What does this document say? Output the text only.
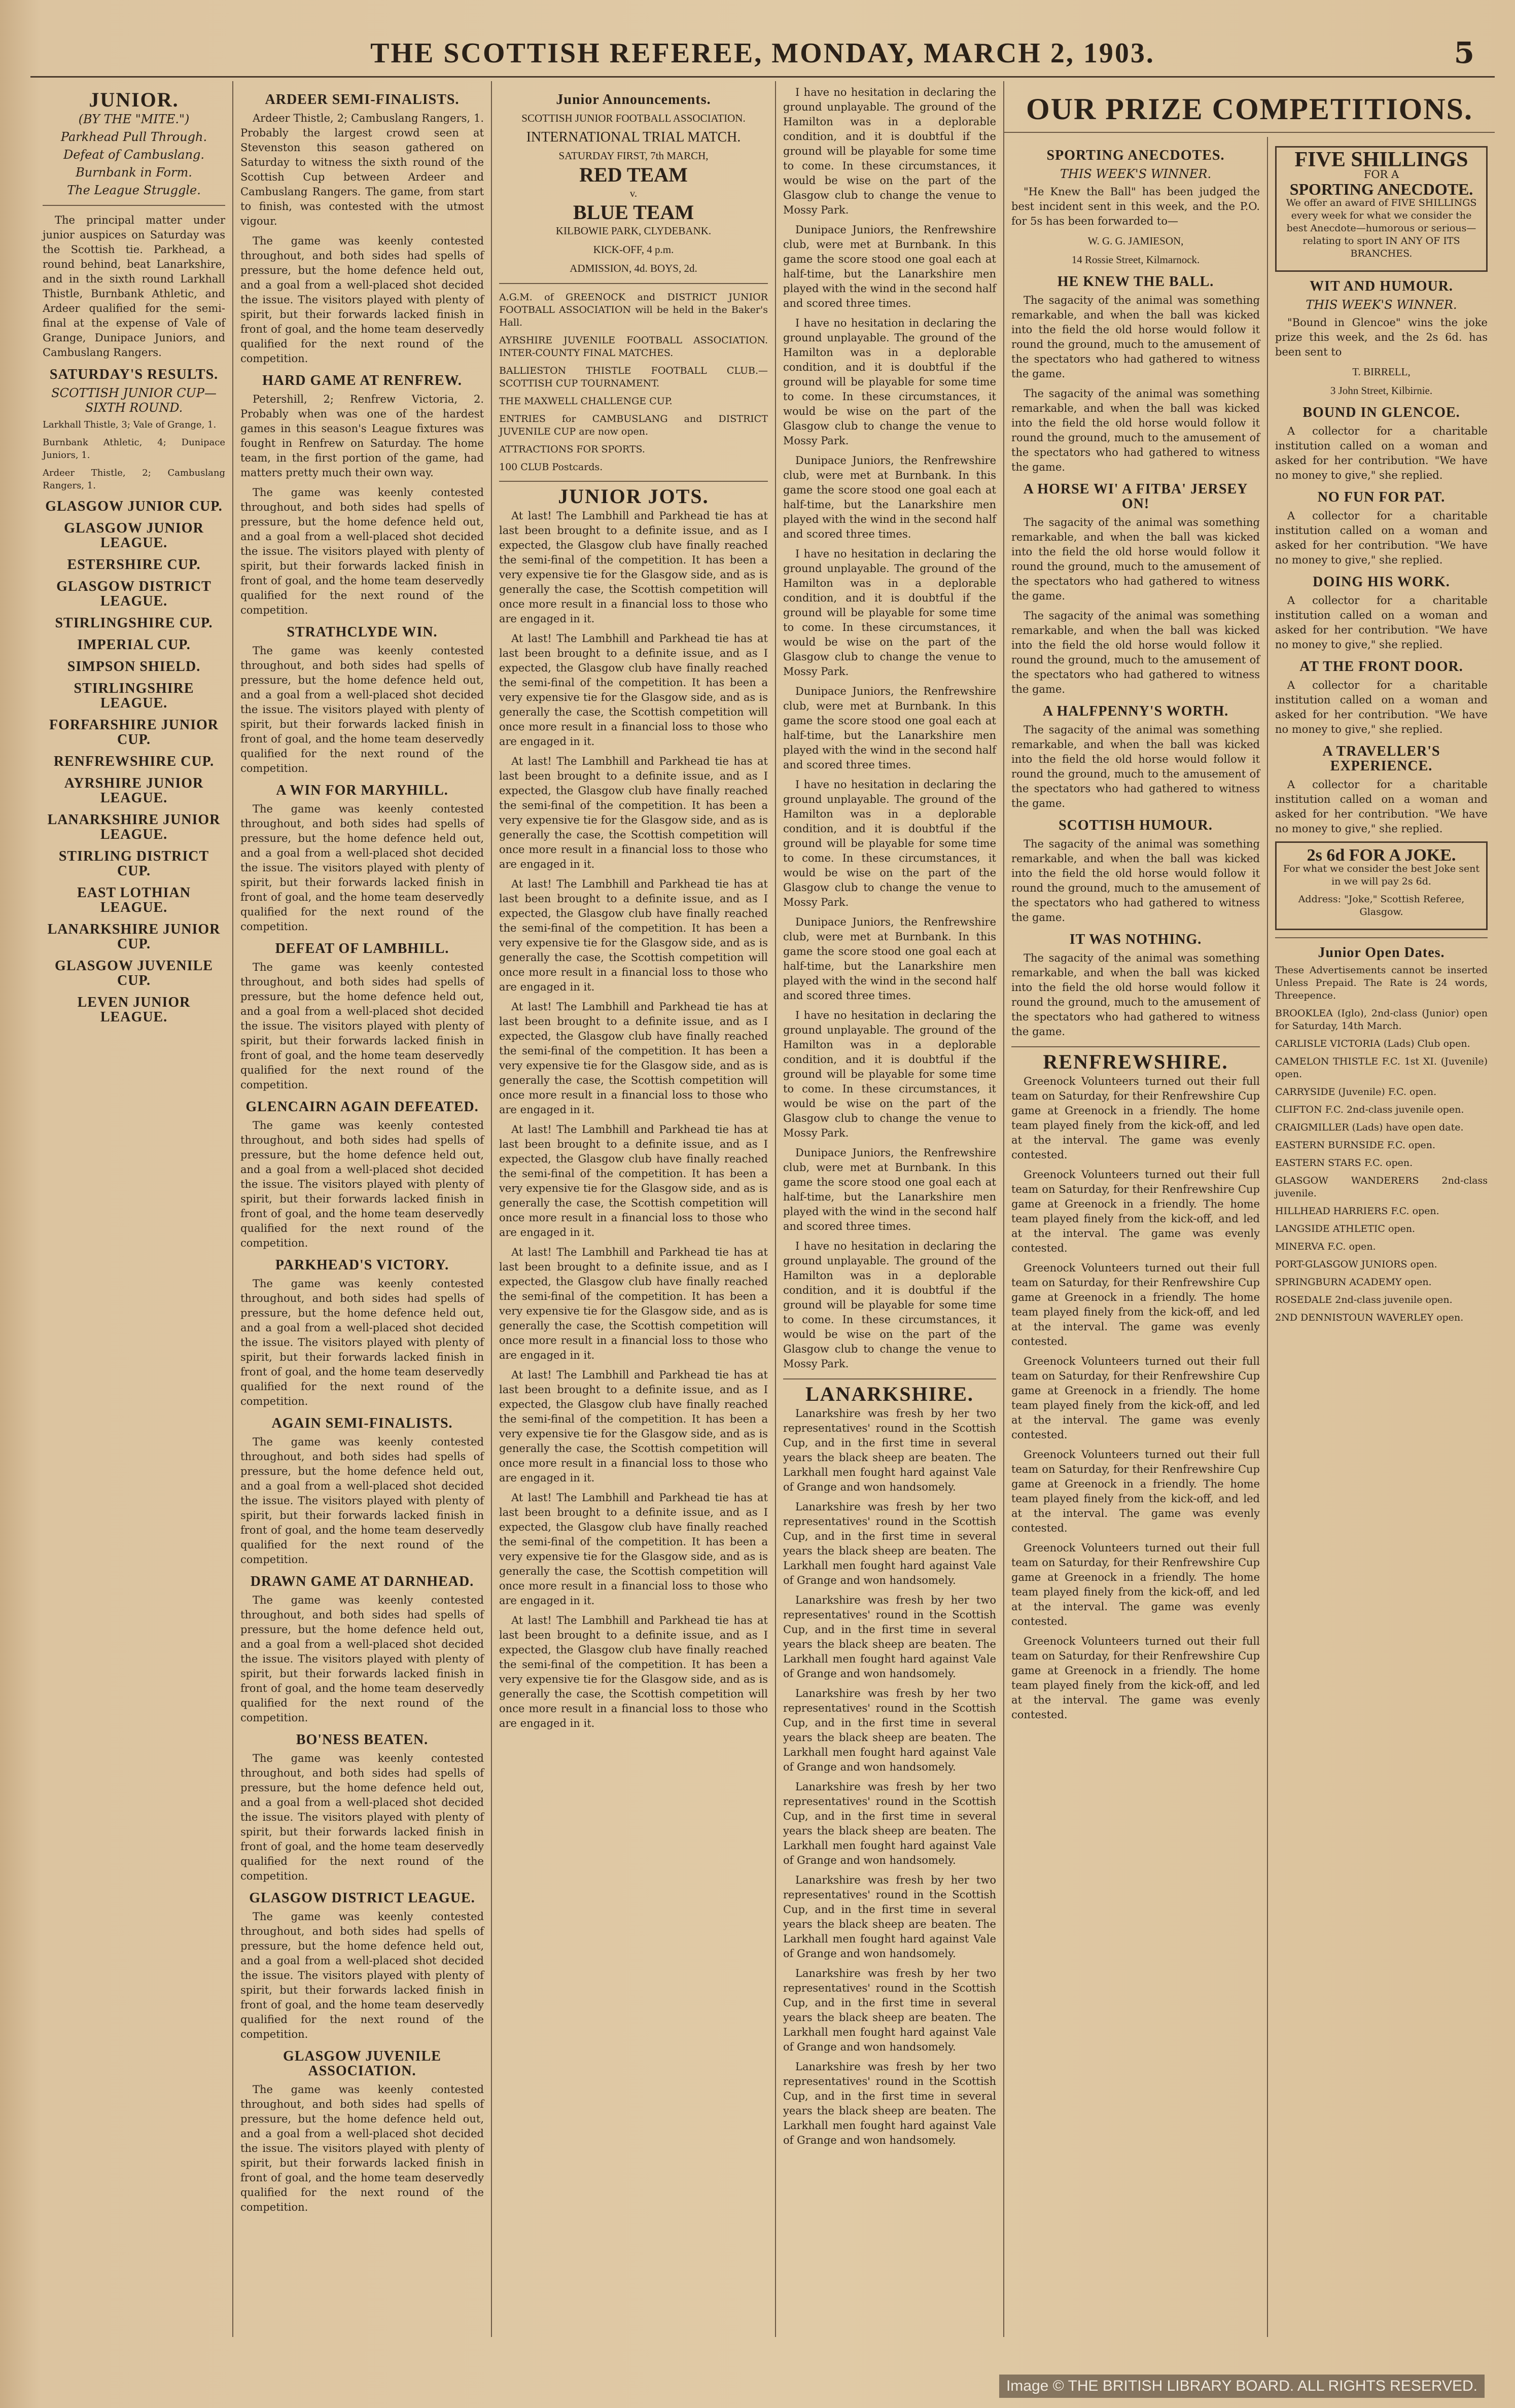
THE SCOTTISH REFEREE, MONDAY, MARCH 2, 1903.	5
JUNIOR.
(BY THE "MITE.")
Parkhead Pull Through.
Defeat of Cambuslang.
Burnbank in Form.
The League Struggle.

The principal matter under junior auspices on Saturday was the Scottish tie. Parkhead, a round behind, beat Lanarkshire, and in the sixth round Larkhall Thistle, Burnbank Athletic, and Ardeer qualified for the semi-final at the expense of Vale of Grange, Dunipace Juniors, and Cambuslang Rangers.

SATURDAY'S RESULTS.
SCOTTISH JUNIOR CUP—SIXTH ROUND.

Larkhall Thistle, 3; Vale of Grange, 1.

Burnbank Athletic, 4; Dunipace Juniors, 1.

Ardeer Thistle, 2; Cambuslang Rangers, 1.

GLASGOW JUNIOR CUP.
GLASGOW JUNIOR LEAGUE.
ESTERSHIRE CUP.
GLASGOW DISTRICT LEAGUE.
STIRLINGSHIRE CUP.
IMPERIAL CUP.
SIMPSON SHIELD.
STIRLINGSHIRE LEAGUE.
FORFARSHIRE JUNIOR CUP.
RENFREWSHIRE CUP.
AYRSHIRE JUNIOR LEAGUE.
LANARKSHIRE JUNIOR LEAGUE.
STIRLING DISTRICT CUP.
EAST LOTHIAN LEAGUE.
LANARKSHIRE JUNIOR CUP.
GLASGOW JUVENILE CUP.
LEVEN JUNIOR LEAGUE.
ARDEER SEMI-FINALISTS.

Ardeer Thistle, 2; Cambuslang Rangers, 1. Probably the largest crowd seen at Stevenston this season gathered on Saturday to witness the sixth round of the Scottish Cup between Ardeer and Cambuslang Rangers. The game, from start to finish, was contested with the utmost vigour.

The game was keenly contested throughout, and both sides had spells of pressure, but the home defence held out, and a goal from a well-placed shot decided the issue. The visitors played with plenty of spirit, but their forwards lacked finish in front of goal, and the home team deservedly qualified for the next round of the competition.

HARD GAME AT RENFREW.

Petershill, 2; Renfrew Victoria, 2. Probably when was one of the hardest games in this season's League fixtures was fought in Renfrew on Saturday. The home team, in the first portion of the game, had matters pretty much their own way.

The game was keenly contested throughout, and both sides had spells of pressure, but the home defence held out, and a goal from a well-placed shot decided the issue. The visitors played with plenty of spirit, but their forwards lacked finish in front of goal, and the home team deservedly qualified for the next round of the competition.

STRATHCLYDE WIN.

The game was keenly contested throughout, and both sides had spells of pressure, but the home defence held out, and a goal from a well-placed shot decided the issue. The visitors played with plenty of spirit, but their forwards lacked finish in front of goal, and the home team deservedly qualified for the next round of the competition.

A WIN FOR MARYHILL.

The game was keenly contested throughout, and both sides had spells of pressure, but the home defence held out, and a goal from a well-placed shot decided the issue. The visitors played with plenty of spirit, but their forwards lacked finish in front of goal, and the home team deservedly qualified for the next round of the competition.

DEFEAT OF LAMBHILL.

The game was keenly contested throughout, and both sides had spells of pressure, but the home defence held out, and a goal from a well-placed shot decided the issue. The visitors played with plenty of spirit, but their forwards lacked finish in front of goal, and the home team deservedly qualified for the next round of the competition.

GLENCAIRN AGAIN DEFEATED.

The game was keenly contested throughout, and both sides had spells of pressure, but the home defence held out, and a goal from a well-placed shot decided the issue. The visitors played with plenty of spirit, but their forwards lacked finish in front of goal, and the home team deservedly qualified for the next round of the competition.

PARKHEAD'S VICTORY.

The game was keenly contested throughout, and both sides had spells of pressure, but the home defence held out, and a goal from a well-placed shot decided the issue. The visitors played with plenty of spirit, but their forwards lacked finish in front of goal, and the home team deservedly qualified for the next round of the competition.

AGAIN SEMI-FINALISTS.

The game was keenly contested throughout, and both sides had spells of pressure, but the home defence held out, and a goal from a well-placed shot decided the issue. The visitors played with plenty of spirit, but their forwards lacked finish in front of goal, and the home team deservedly qualified for the next round of the competition.

DRAWN GAME AT DARNHEAD.

The game was keenly contested throughout, and both sides had spells of pressure, but the home defence held out, and a goal from a well-placed shot decided the issue. The visitors played with plenty of spirit, but their forwards lacked finish in front of goal, and the home team deservedly qualified for the next round of the competition.

BO'NESS BEATEN.

The game was keenly contested throughout, and both sides had spells of pressure, but the home defence held out, and a goal from a well-placed shot decided the issue. The visitors played with plenty of spirit, but their forwards lacked finish in front of goal, and the home team deservedly qualified for the next round of the competition.

GLASGOW DISTRICT LEAGUE.

The game was keenly contested throughout, and both sides had spells of pressure, but the home defence held out, and a goal from a well-placed shot decided the issue. The visitors played with plenty of spirit, but their forwards lacked finish in front of goal, and the home team deservedly qualified for the next round of the competition.

GLASGOW JUVENILE ASSOCIATION.

The game was keenly contested throughout, and both sides had spells of pressure, but the home defence held out, and a goal from a well-placed shot decided the issue. The visitors played with plenty of spirit, but their forwards lacked finish in front of goal, and the home team deservedly qualified for the next round of the competition.

Junior Announcements.
SCOTTISH JUNIOR FOOTBALL ASSOCIATION.
INTERNATIONAL TRIAL MATCH.
SATURDAY FIRST, 7th MARCH,
RED TEAM
v.
BLUE TEAM
KILBOWIE PARK, CLYDEBANK.
KICK-OFF, 4 p.m.
ADMISSION, 4d. BOYS, 2d.

A.G.M. of GREENOCK and DISTRICT JUNIOR FOOTBALL ASSOCIATION will be held in the Baker's Hall.

AYRSHIRE JUVENILE FOOTBALL ASSOCIATION. INTER-COUNTY FINAL MATCHES.

BALLIESTON THISTLE FOOTBALL CLUB.—SCOTTISH CUP TOURNAMENT.

THE MAXWELL CHALLENGE CUP.

ENTRIES for CAMBUSLANG and DISTRICT JUVENILE CUP are now open.

ATTRACTIONS FOR SPORTS.

100 CLUB Postcards.

JUNIOR JOTS.

At last! The Lambhill and Parkhead tie has at last been brought to a definite issue, and as I expected, the Glasgow club have finally reached the semi-final of the competition. It has been a very expensive tie for the Glasgow side, and as is generally the case, the Scottish competition will once more result in a financial loss to those who are engaged in it.

At last! The Lambhill and Parkhead tie has at last been brought to a definite issue, and as I expected, the Glasgow club have finally reached the semi-final of the competition. It has been a very expensive tie for the Glasgow side, and as is generally the case, the Scottish competition will once more result in a financial loss to those who are engaged in it.

At last! The Lambhill and Parkhead tie has at last been brought to a definite issue, and as I expected, the Glasgow club have finally reached the semi-final of the competition. It has been a very expensive tie for the Glasgow side, and as is generally the case, the Scottish competition will once more result in a financial loss to those who are engaged in it.

At last! The Lambhill and Parkhead tie has at last been brought to a definite issue, and as I expected, the Glasgow club have finally reached the semi-final of the competition. It has been a very expensive tie for the Glasgow side, and as is generally the case, the Scottish competition will once more result in a financial loss to those who are engaged in it.

At last! The Lambhill and Parkhead tie has at last been brought to a definite issue, and as I expected, the Glasgow club have finally reached the semi-final of the competition. It has been a very expensive tie for the Glasgow side, and as is generally the case, the Scottish competition will once more result in a financial loss to those who are engaged in it.

At last! The Lambhill and Parkhead tie has at last been brought to a definite issue, and as I expected, the Glasgow club have finally reached the semi-final of the competition. It has been a very expensive tie for the Glasgow side, and as is generally the case, the Scottish competition will once more result in a financial loss to those who are engaged in it.

At last! The Lambhill and Parkhead tie has at last been brought to a definite issue, and as I expected, the Glasgow club have finally reached the semi-final of the competition. It has been a very expensive tie for the Glasgow side, and as is generally the case, the Scottish competition will once more result in a financial loss to those who are engaged in it.

At last! The Lambhill and Parkhead tie has at last been brought to a definite issue, and as I expected, the Glasgow club have finally reached the semi-final of the competition. It has been a very expensive tie for the Glasgow side, and as is generally the case, the Scottish competition will once more result in a financial loss to those who are engaged in it.

At last! The Lambhill and Parkhead tie has at last been brought to a definite issue, and as I expected, the Glasgow club have finally reached the semi-final of the competition. It has been a very expensive tie for the Glasgow side, and as is generally the case, the Scottish competition will once more result in a financial loss to those who are engaged in it.

At last! The Lambhill and Parkhead tie has at last been brought to a definite issue, and as I expected, the Glasgow club have finally reached the semi-final of the competition. It has been a very expensive tie for the Glasgow side, and as is generally the case, the Scottish competition will once more result in a financial loss to those who are engaged in it.

I have no hesitation in declaring the ground unplayable. The ground of the Hamilton was in a deplorable condition, and it is doubtful if the ground will be playable for some time to come. In these circumstances, it would be wise on the part of the Glasgow club to change the venue to Mossy Park.

Dunipace Juniors, the Renfrewshire club, were met at Burnbank. In this game the score stood one goal each at half-time, but the Lanarkshire men played with the wind in the second half and scored three times.

I have no hesitation in declaring the ground unplayable. The ground of the Hamilton was in a deplorable condition, and it is doubtful if the ground will be playable for some time to come. In these circumstances, it would be wise on the part of the Glasgow club to change the venue to Mossy Park.

Dunipace Juniors, the Renfrewshire club, were met at Burnbank. In this game the score stood one goal each at half-time, but the Lanarkshire men played with the wind in the second half and scored three times.

I have no hesitation in declaring the ground unplayable. The ground of the Hamilton was in a deplorable condition, and it is doubtful if the ground will be playable for some time to come. In these circumstances, it would be wise on the part of the Glasgow club to change the venue to Mossy Park.

Dunipace Juniors, the Renfrewshire club, were met at Burnbank. In this game the score stood one goal each at half-time, but the Lanarkshire men played with the wind in the second half and scored three times.

I have no hesitation in declaring the ground unplayable. The ground of the Hamilton was in a deplorable condition, and it is doubtful if the ground will be playable for some time to come. In these circumstances, it would be wise on the part of the Glasgow club to change the venue to Mossy Park.

Dunipace Juniors, the Renfrewshire club, were met at Burnbank. In this game the score stood one goal each at half-time, but the Lanarkshire men played with the wind in the second half and scored three times.

I have no hesitation in declaring the ground unplayable. The ground of the Hamilton was in a deplorable condition, and it is doubtful if the ground will be playable for some time to come. In these circumstances, it would be wise on the part of the Glasgow club to change the venue to Mossy Park.

Dunipace Juniors, the Renfrewshire club, were met at Burnbank. In this game the score stood one goal each at half-time, but the Lanarkshire men played with the wind in the second half and scored three times.

I have no hesitation in declaring the ground unplayable. The ground of the Hamilton was in a deplorable condition, and it is doubtful if the ground will be playable for some time to come. In these circumstances, it would be wise on the part of the Glasgow club to change the venue to Mossy Park.

LANARKSHIRE.

Lanarkshire was fresh by her two representatives' round in the Scottish Cup, and in the first time in several years the black sheep are beaten. The Larkhall men fought hard against Vale of Grange and won handsomely.

Lanarkshire was fresh by her two representatives' round in the Scottish Cup, and in the first time in several years the black sheep are beaten. The Larkhall men fought hard against Vale of Grange and won handsomely.

Lanarkshire was fresh by her two representatives' round in the Scottish Cup, and in the first time in several years the black sheep are beaten. The Larkhall men fought hard against Vale of Grange and won handsomely.

Lanarkshire was fresh by her two representatives' round in the Scottish Cup, and in the first time in several years the black sheep are beaten. The Larkhall men fought hard against Vale of Grange and won handsomely.

Lanarkshire was fresh by her two representatives' round in the Scottish Cup, and in the first time in several years the black sheep are beaten. The Larkhall men fought hard against Vale of Grange and won handsomely.

Lanarkshire was fresh by her two representatives' round in the Scottish Cup, and in the first time in several years the black sheep are beaten. The Larkhall men fought hard against Vale of Grange and won handsomely.

Lanarkshire was fresh by her two representatives' round in the Scottish Cup, and in the first time in several years the black sheep are beaten. The Larkhall men fought hard against Vale of Grange and won handsomely.

Lanarkshire was fresh by her two representatives' round in the Scottish Cup, and in the first time in several years the black sheep are beaten. The Larkhall men fought hard against Vale of Grange and won handsomely.

SPORTING ANECDOTES.
THIS WEEK'S WINNER.

"He Knew the Ball" has been judged the best incident sent in this week, and the P.O. for 5s has been forwarded to—

W. G. G. JAMIESON,
14 Rossie Street, Kilmarnock.
HE KNEW THE BALL.

The sagacity of the animal was something remarkable, and when the ball was kicked into the field the old horse would follow it round the ground, much to the amusement of the spectators who had gathered to witness the game.

The sagacity of the animal was something remarkable, and when the ball was kicked into the field the old horse would follow it round the ground, much to the amusement of the spectators who had gathered to witness the game.

A HORSE WI' A FITBA' JERSEY ON!

The sagacity of the animal was something remarkable, and when the ball was kicked into the field the old horse would follow it round the ground, much to the amusement of the spectators who had gathered to witness the game.

The sagacity of the animal was something remarkable, and when the ball was kicked into the field the old horse would follow it round the ground, much to the amusement of the spectators who had gathered to witness the game.

A HALFPENNY'S WORTH.

The sagacity of the animal was something remarkable, and when the ball was kicked into the field the old horse would follow it round the ground, much to the amusement of the spectators who had gathered to witness the game.

SCOTTISH HUMOUR.

The sagacity of the animal was something remarkable, and when the ball was kicked into the field the old horse would follow it round the ground, much to the amusement of the spectators who had gathered to witness the game.

IT WAS NOTHING.

The sagacity of the animal was something remarkable, and when the ball was kicked into the field the old horse would follow it round the ground, much to the amusement of the spectators who had gathered to witness the game.

RENFREWSHIRE.

Greenock Volunteers turned out their full team on Saturday, for their Renfrewshire Cup game at Greenock in a friendly. The home team played finely from the kick-off, and led at the interval. The game was evenly contested.

Greenock Volunteers turned out their full team on Saturday, for their Renfrewshire Cup game at Greenock in a friendly. The home team played finely from the kick-off, and led at the interval. The game was evenly contested.

Greenock Volunteers turned out their full team on Saturday, for their Renfrewshire Cup game at Greenock in a friendly. The home team played finely from the kick-off, and led at the interval. The game was evenly contested.

Greenock Volunteers turned out their full team on Saturday, for their Renfrewshire Cup game at Greenock in a friendly. The home team played finely from the kick-off, and led at the interval. The game was evenly contested.

Greenock Volunteers turned out their full team on Saturday, for their Renfrewshire Cup game at Greenock in a friendly. The home team played finely from the kick-off, and led at the interval. The game was evenly contested.

Greenock Volunteers turned out their full team on Saturday, for their Renfrewshire Cup game at Greenock in a friendly. The home team played finely from the kick-off, and led at the interval. The game was evenly contested.

Greenock Volunteers turned out their full team on Saturday, for their Renfrewshire Cup game at Greenock in a friendly. The home team played finely from the kick-off, and led at the interval. The game was evenly contested.

FIVE SHILLINGS
FOR A
SPORTING ANECDOTE.

We offer an award of FIVE SHILLINGS every week for what we consider the best Anecdote—humorous or serious—relating to sport IN ANY OF ITS BRANCHES.

WIT AND HUMOUR.
THIS WEEK'S WINNER.

"Bound in Glencoe" wins the joke prize this week, and the 2s 6d. has been sent to

T. BIRRELL,
3 John Street, Kilbirnie.
BOUND IN GLENCOE.

A collector for a charitable institution called on a woman and asked for her contribution. "We have no money to give," she replied.

NO FUN FOR PAT.

A collector for a charitable institution called on a woman and asked for her contribution. "We have no money to give," she replied.

DOING HIS WORK.

A collector for a charitable institution called on a woman and asked for her contribution. "We have no money to give," she replied.

AT THE FRONT DOOR.

A collector for a charitable institution called on a woman and asked for her contribution. "We have no money to give," she replied.

A TRAVELLER'S EXPERIENCE.

A collector for a charitable institution called on a woman and asked for her contribution. "We have no money to give," she replied.

2s 6d FOR A JOKE.

For what we consider the best Joke sent in we will pay 2s 6d.

Address: "Joke," Scottish Referee, Glasgow.

Junior Open Dates.

These Advertisements cannot be inserted Unless Prepaid. The Rate is 24 words, Threepence.

BROOKLEA (Iglo), 2nd-class (Junior) open for Saturday, 14th March.

CARLISLE VICTORIA (Lads) Club open.

CAMELON THISTLE F.C. 1st XI. (Juvenile) open.

CARRYSIDE (Juvenile) F.C. open.

CLIFTON F.C. 2nd-class juvenile open.

CRAIGMILLER (Lads) have open date.

EASTERN BURNSIDE F.C. open.

EASTERN STARS F.C. open.

GLASGOW WANDERERS 2nd-class juvenile.

HILLHEAD HARRIERS F.C. open.

LANGSIDE ATHLETIC open.

MINERVA F.C. open.

PORT-GLASGOW JUNIORS open.

SPRINGBURN ACADEMY open.

ROSEDALE 2nd-class juvenile open.

2ND DENNISTOUN WAVERLEY open.

OUR PRIZE COMPETITIONS.
Image © THE BRITISH LIBRARY BOARD. ALL RIGHTS RESERVED.
